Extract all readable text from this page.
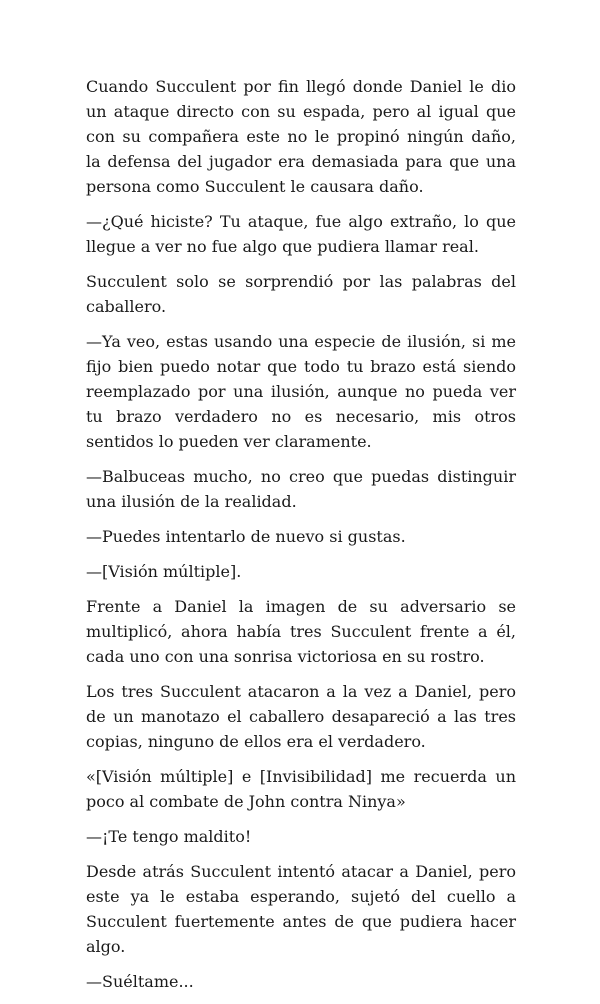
Cuando Succulent por fin llegó donde Daniel le dio un ataque directo con su espada, pero al igual que con su compañera este no le propinó ningún daño, la defensa del jugador era demasiada para que una persona como Succulent le causara daño.

—¿Qué hiciste? Tu ataque, fue algo extraño, lo que llegue a ver no fue algo que pudiera llamar real.

Succulent solo se sorprendió por las palabras del caballero.

—Ya veo, estas usando una especie de ilusión, si me fijo bien puedo notar que todo tu brazo está siendo reemplazado por una ilusión, aunque no pueda ver tu brazo verdadero no es necesario, mis otros sentidos lo pueden ver claramente.

—Balbuceas mucho, no creo que puedas distinguir una ilusión de la realidad.

—Puedes intentarlo de nuevo si gustas.

—[Visión múltiple].

Frente a Daniel la imagen de su adversario se multiplicó, ahora había tres Succulent frente a él, cada uno con una sonrisa victoriosa en su rostro.

Los tres Succulent atacaron a la vez a Daniel, pero de un manotazo el caballero desapareció a las tres copias, ninguno de ellos era el verdadero.

«[Visión múltiple] e [Invisibilidad] me recuerda un poco al combate de John contra Ninya»

—¡Te tengo maldito!

Desde atrás Succulent intentó atacar a Daniel, pero este ya le estaba esperando, sujetó del cuello a Succulent fuertemente antes de que pudiera hacer algo.

—Suéltame...
